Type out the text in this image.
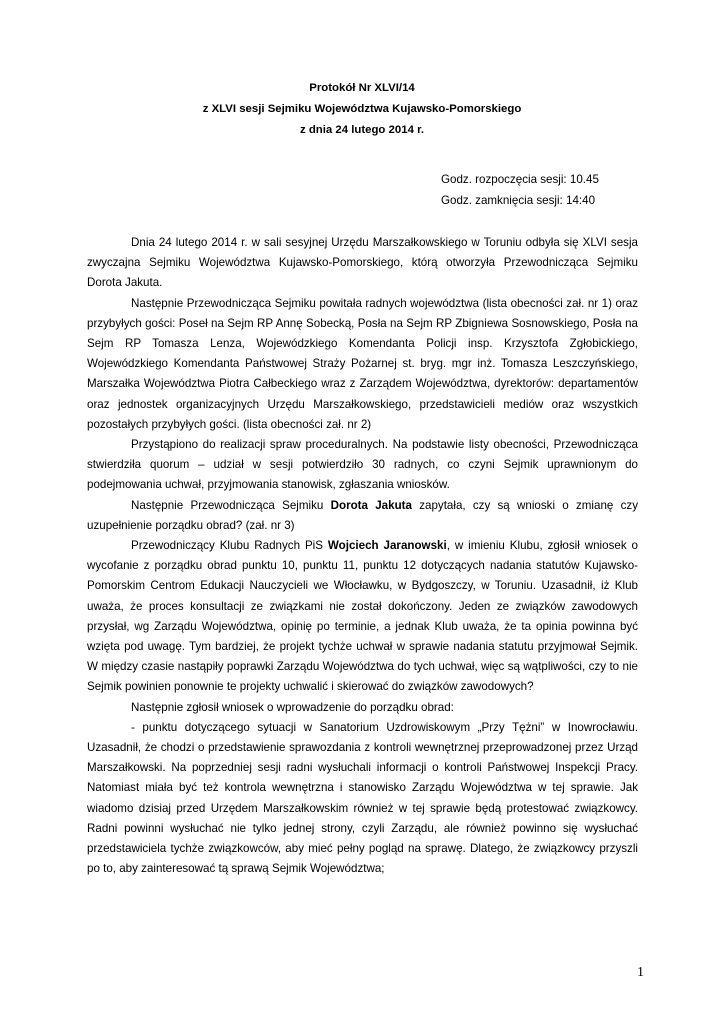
Protokół Nr XLVI/14
z XLVI sesji Sejmiku Województwa Kujawsko-Pomorskiego
z dnia 24 lutego 2014 r.
Godz. rozpoczęcia sesji: 10.45
Godz. zamknięcia sesji: 14:40

Dnia 24 lutego 2014 r. w sali sesyjnej Urzędu Marszałkowskiego w Toruniu odbyła się XLVI sesja zwyczajna Sejmiku Województwa Kujawsko-Pomorskiego, którą otworzyła Przewodnicząca Sejmiku Dorota Jakuta.

Następnie Przewodnicząca Sejmiku powitała radnych województwa (lista obecności zał. nr 1) oraz przybyłych gości: Poseł na Sejm RP Annę Sobecką, Posła na Sejm RP Zbigniewa Sosnowskiego, Posła na Sejm RP Tomasza Lenza, Wojewódzkiego Komendanta Policji insp. Krzysztofa Zgłobickiego, Wojewódzkiego Komendanta Państwowej Straży Pożarnej st. bryg. mgr inż. Tomasza Leszczyńskiego, Marszałka Województwa Piotra Całbeckiego wraz z Zarządem Województwa, dyrektorów: departamentów oraz jednostek organizacyjnych Urzędu Marszałkowskiego, przedstawicieli mediów oraz wszystkich pozostałych przybyłych gości. (lista obecności zał. nr 2)

Przystąpiono do realizacji spraw proceduralnych. Na podstawie listy obecności, Przewodnicząca stwierdziła quorum – udział w sesji potwierdziło 30 radnych, co czyni Sejmik uprawnionym do podejmowania uchwał, przyjmowania stanowisk, zgłaszania wniosków.

Następnie Przewodnicząca Sejmiku Dorota Jakuta zapytała, czy są wnioski o zmianę czy uzupełnienie porządku obrad? (zał. nr 3)

Przewodniczący Klubu Radnych PiS Wojciech Jaranowski, w imieniu Klubu, zgłosił wniosek o wycofanie z porządku obrad punktu 10, punktu 11, punktu 12 dotyczących nadania statutów Kujawsko-Pomorskim Centrom Edukacji Nauczycieli we Włocławku, w Bydgoszczy, w Toruniu. Uzasadnił, iż Klub uważa, że proces konsultacji ze związkami nie został dokończony. Jeden ze związków zawodowych przysłał, wg Zarządu Województwa, opinię po terminie, a jednak Klub uważa, że ta opinia powinna być wzięta pod uwagę. Tym bardziej, że projekt tychże uchwał w sprawie nadania statutu przyjmował Sejmik. W między czasie nastąpiły poprawki Zarządu Województwa do tych uchwał, więc są wątpliwości, czy to nie Sejmik powinien ponownie te projekty uchwalić i skierować do związków zawodowych?

Następnie zgłosił wniosek o wprowadzenie do porządku obrad:

- punktu dotyczącego sytuacji w Sanatorium Uzdrowiskowym „Przy Tężni” w Inowrocławiu. Uzasadnił, że chodzi o przedstawienie sprawozdania z kontroli wewnętrznej przeprowadzonej przez Urząd Marszałkowski. Na poprzedniej sesji radni wysłuchali informacji o kontroli Państwowej Inspekcji Pracy. Natomiast miała być też kontrola wewnętrzna i stanowisko Zarządu Województwa w tej sprawie. Jak wiadomo dzisiaj przed Urzędem Marszałkowskim również w tej sprawie będą protestować związkowcy. Radni powinni wysłuchać nie tylko jednej strony, czyli Zarządu, ale również powinno się wysłuchać przedstawiciela tychże związkowców, aby mieć pełny pogląd na sprawę. Dlatego, że związkowcy przyszli po to, aby zainteresować tą sprawą Sejmik Województwa;

1
